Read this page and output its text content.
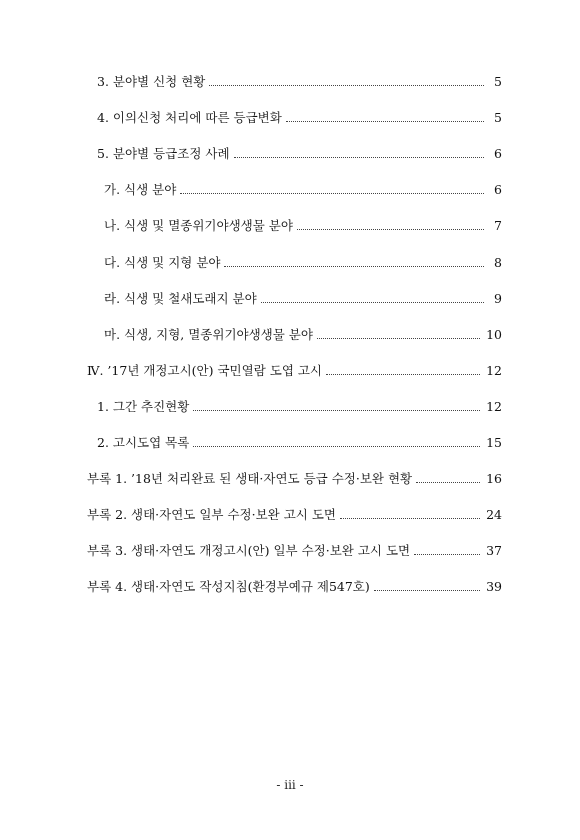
3. 분야별 신청 현황	5
4. 이의신청 처리에 따른 등급변화	5
5. 분야별 등급조정 사례	6
가. 식생 분야	6
나. 식생 및 멸종위기야생생물 분야	7
다. 식생 및 지형 분야	8
라. 식생 및 철새도래지 분야	9
마. 식생, 지형, 멸종위기야생생물 분야	10
Ⅳ. ’17년 개정고시(안) 국민열람 도엽 고시	12
1. 그간 추진현황	12
2. 고시도엽 목록	15
부록 1. ’18년 처리완료 된 생태·자연도 등급 수정·보완 현황	16
부록 2. 생태·자연도 일부 수정·보완 고시 도면	24
부록 3. 생태·자연도 개정고시(안) 일부 수정·보완 고시 도면	37
부록 4. 생태·자연도 작성지침(환경부예규 제547호)	39
- iii -
